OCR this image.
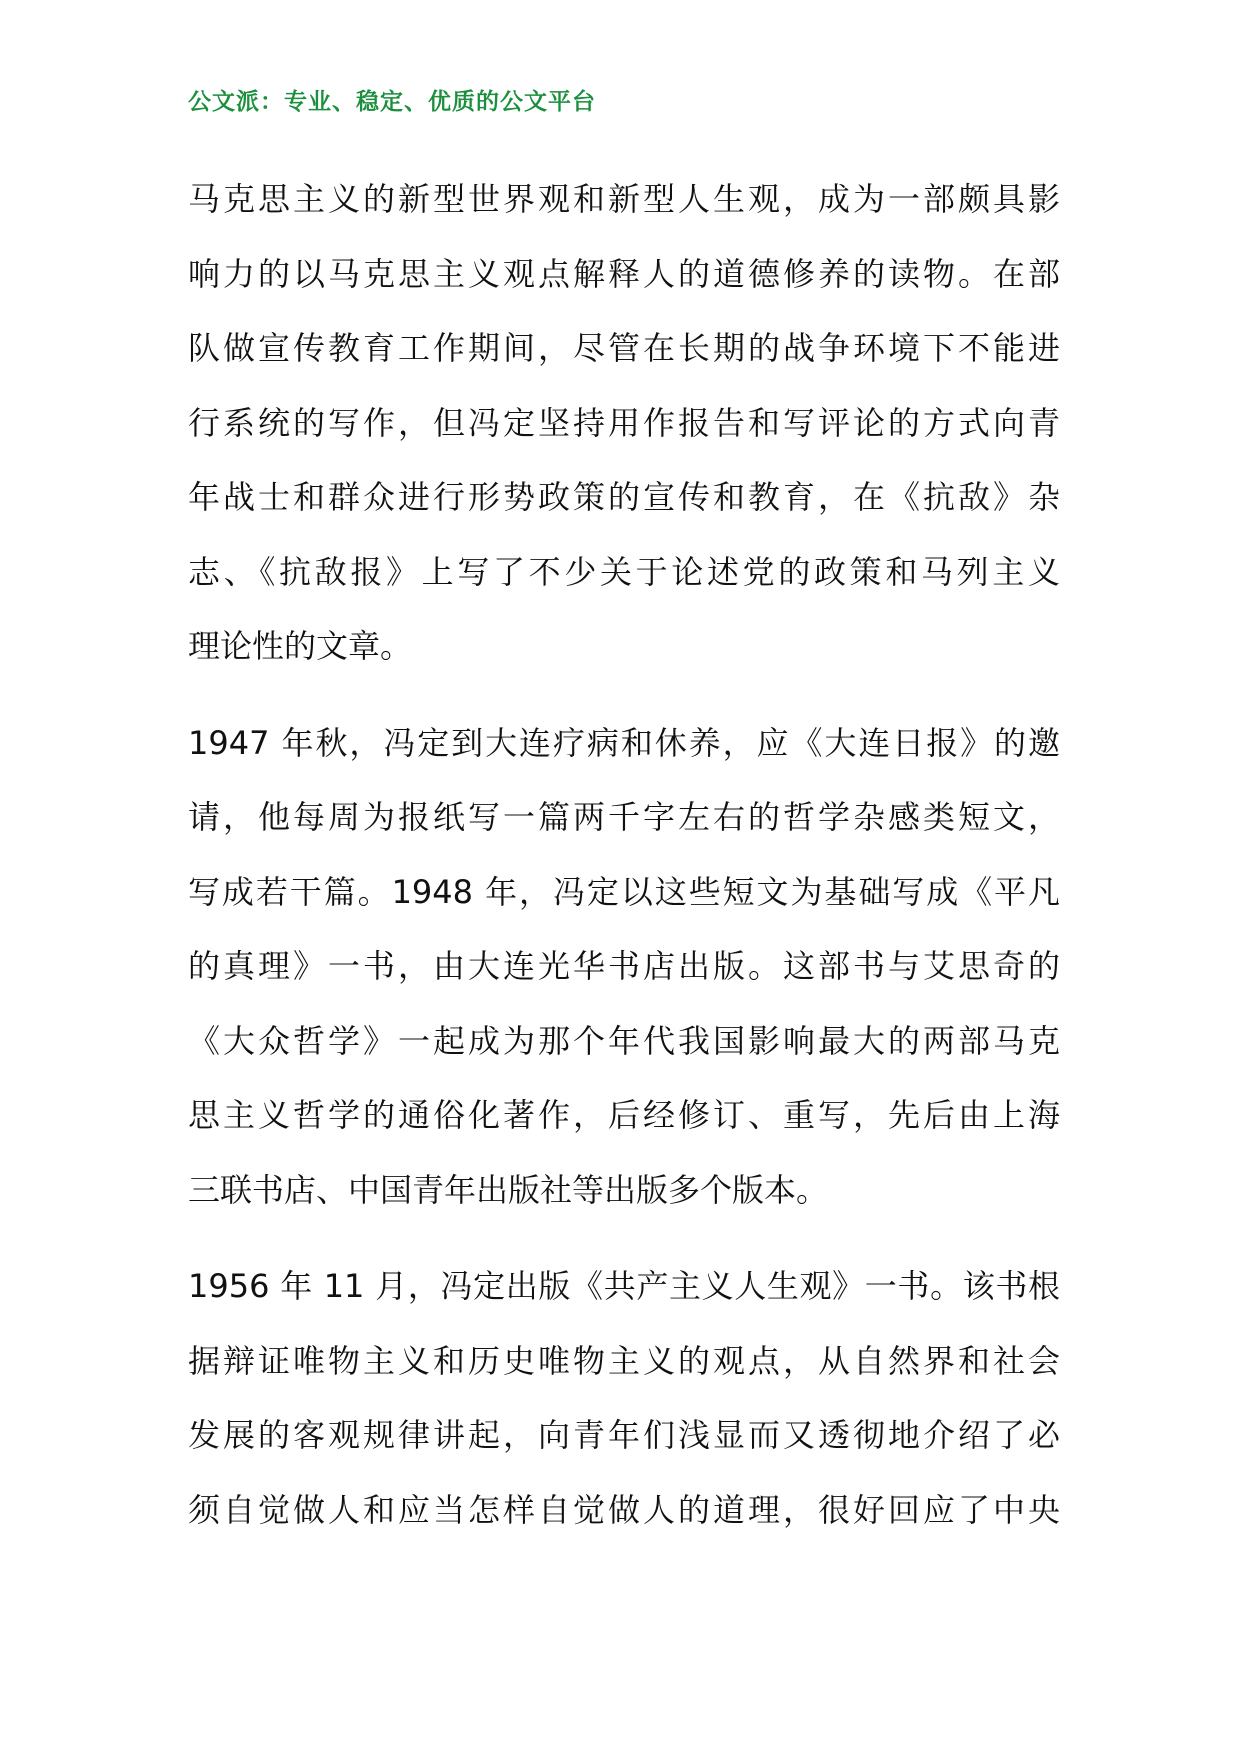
公文派：专业、稳定、优质的公文平台

马克思主义的新型世界观和新型人生观，成为一部颇具影
响力的以马克思主义观点解释人的道德修养的读物。在部
队做宣传教育工作期间，尽管在长期的战争环境下不能进
行系统的写作，但冯定坚持用作报告和写评论的方式向青
年战士和群众进行形势政策的宣传和教育，在《抗敌》杂
志、《抗敌报》上写了不少关于论述党的政策和马列主义
理论性的文章。

1947 年秋，冯定到大连疗病和休养，应《大连日报》的邀
请，他每周为报纸写一篇两千字左右的哲学杂感类短文，
写成若干篇。1948 年，冯定以这些短文为基础写成《平凡
的真理》一书，由大连光华书店出版。这部书与艾思奇的
《大众哲学》一起成为那个年代我国影响最大的两部马克
思主义哲学的通俗化著作，后经修订、重写，先后由上海
三联书店、中国青年出版社等出版多个版本。

1956 年 11 月，冯定出版《共产主义人生观》一书。该书根
据辩证唯物主义和历史唯物主义的观点，从自然界和社会
发展的客观规律讲起，向青年们浅显而又透彻地介绍了必
须自觉做人和应当怎样自觉做人的道理，很好回应了中央
